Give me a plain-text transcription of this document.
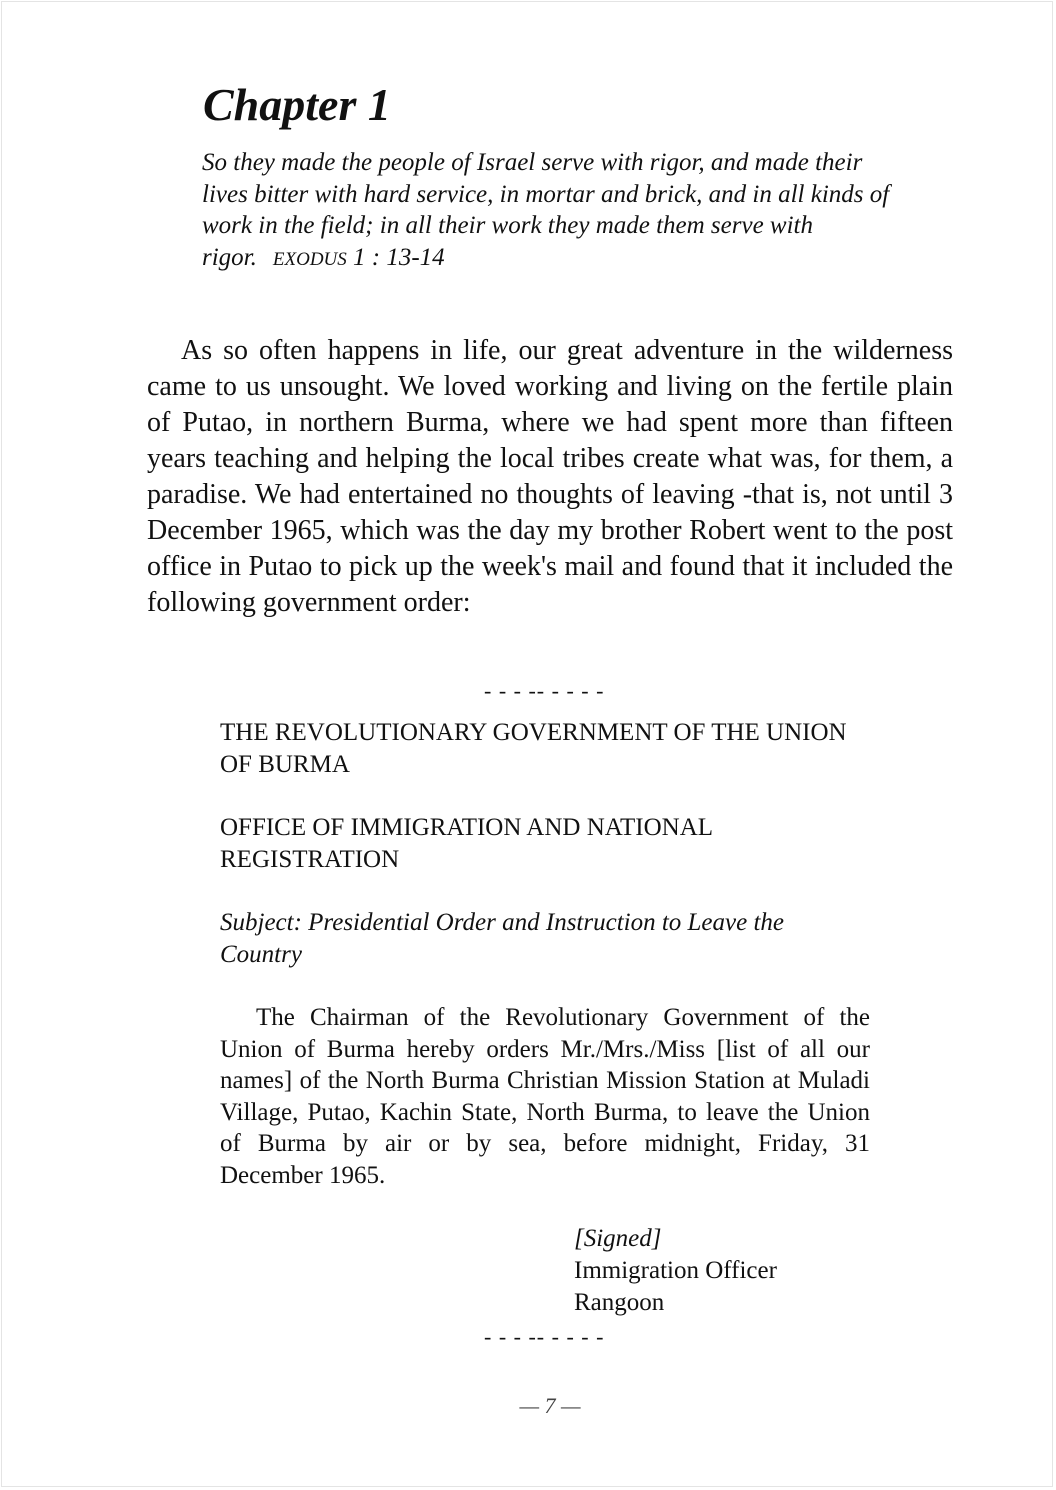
Chapter 1

So they made the people of Israel serve with rigor, and made their lives bitter with hard service, in mortar and brick, and in all kinds of work in the field; in all their work they made them serve with rigor. EXODUS 1 : 13-14

As so often happens in life, our great adventure in the wilderness came to us unsought. We loved working and living on the fertile plain of Putao, in northern Burma, where we had spent more than fifteen years teaching and helping the local tribes create what was, for them, a paradise. We had entertained no thoughts of leaving -that is, not until 3 December 1965, which was the day my brother Robert went to the post office in Putao to pick up the week's mail and found that it included the following government order:

- - - -- - - - -

THE REVOLUTIONARY GOVERNMENT OF THE UNION OF BURMA

OFFICE OF IMMIGRATION AND NATIONAL REGISTRATION

Subject: Presidential Order and Instruction to Leave the Country

The Chairman of the Revolutionary Government of the Union of Burma hereby orders Mr./Mrs./Miss [list of all our names] of the North Burma Christian Mission Station at Muladi Village, Putao, Kachin State, North Burma, to leave the Union of Burma by air or by sea, before midnight, Friday, 31 December 1965.

[Signed]
Immigration Officer
Rangoon

- - - -- - - - -

— 7 —
